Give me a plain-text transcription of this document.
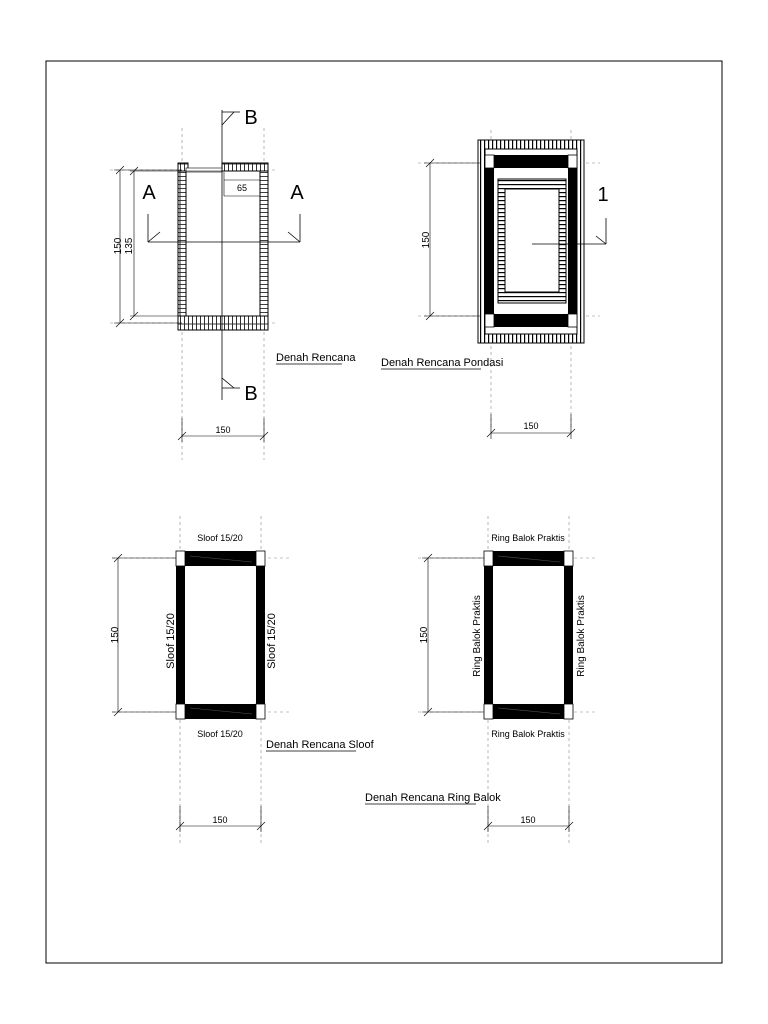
65
A	A
B
B
150 135
150
Denah Rencana
1
150
150
Denah Rencana Pondasi
Sloof 15/20
Sloof 15/20
Sloof 15/20	Sloof 15/20
150
150
Denah Rencana Sloof
Ring Balok Praktis
Ring Balok Praktis
Ring Balok Praktis	Ring Balok Praktis
150
150
Denah Rencana Ring Balok
